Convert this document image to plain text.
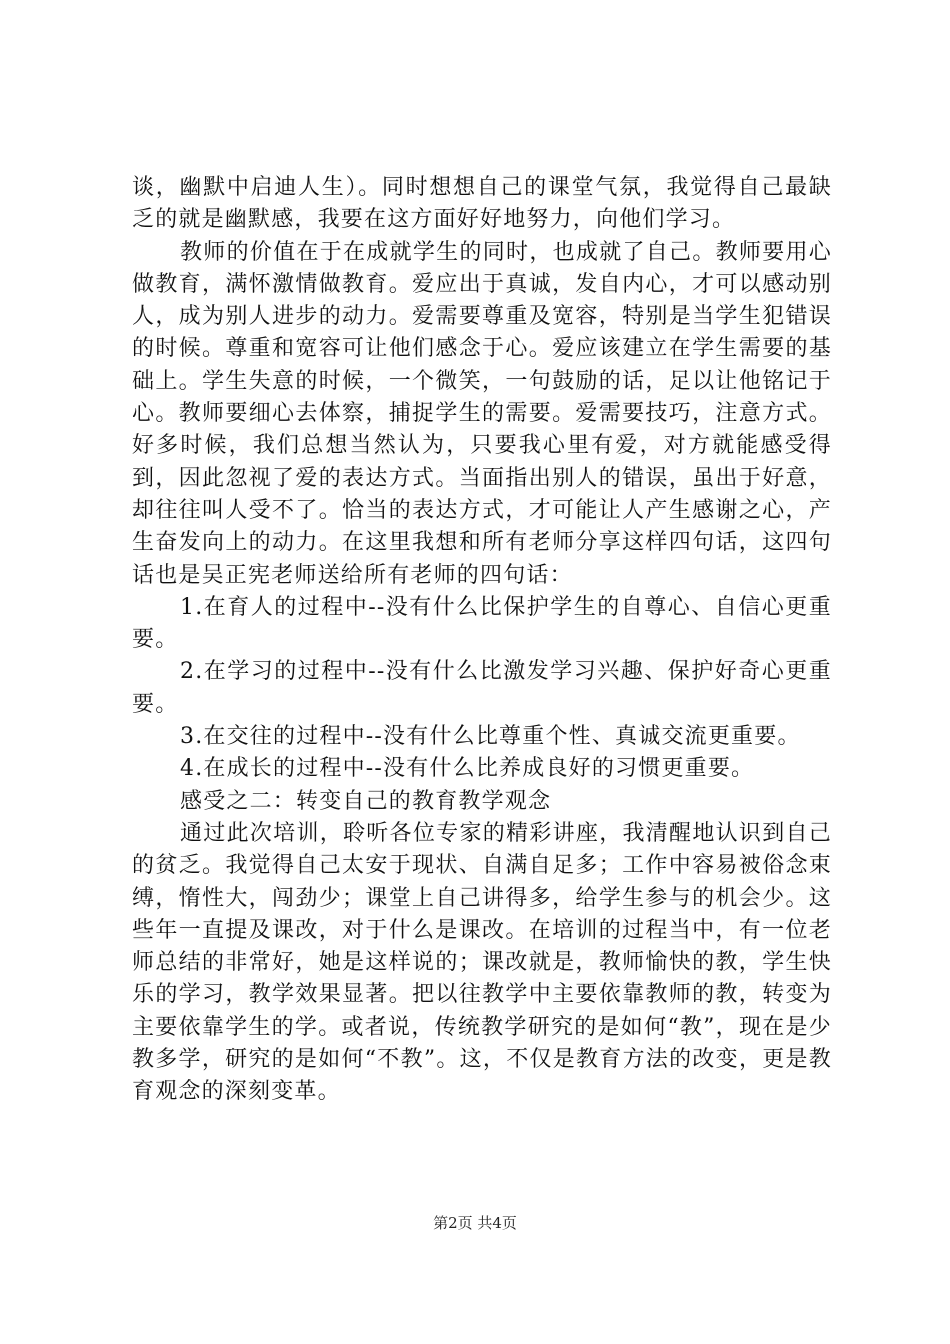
谈，幽默中启迪人生）。同时想想自己的课堂气氛，我觉得自己最缺乏的就是幽默感，我要在这方面好好地努力，向他们学习。

教师的价值在于在成就学生的同时，也成就了自己。教师要用心做教育，满怀激情做教育。爱应出于真诚，发自内心，才可以感动别人，成为别人进步的动力。爱需要尊重及宽容，特别是当学生犯错误的时候。尊重和宽容可让他们感念于心。爱应该建立在学生需要的基础上。学生失意的时候，一个微笑，一句鼓励的话，足以让他铭记于心。教师要细心去体察，捕捉学生的需要。爱需要技巧，注意方式。好多时候，我们总想当然认为，只要我心里有爱，对方就能感受得到，因此忽视了爱的表达方式。当面指出别人的错误，虽出于好意，却往往叫人受不了。恰当的表达方式，才可能让人产生感谢之心，产生奋发向上的动力。在这里我想和所有老师分享这样四句话，这四句话也是吴正宪老师送给所有老师的四句话：

1.在育人的过程中--没有什么比保护学生的自尊心、自信心更重要。

2.在学习的过程中--没有什么比激发学习兴趣、保护好奇心更重要。

3.在交往的过程中--没有什么比尊重个性、真诚交流更重要。

4.在成长的过程中--没有什么比养成良好的习惯更重要。

感受之二：转变自己的教育教学观念

通过此次培训，聆听各位专家的精彩讲座，我清醒地认识到自己的贫乏。我觉得自己太安于现状、自满自足多；工作中容易被俗念束缚，惰性大，闯劲少；课堂上自己讲得多，给学生参与的机会少。这些年一直提及课改，对于什么是课改。在培训的过程当中，有一位老师总结的非常好，她是这样说的；课改就是，教师愉快的教，学生快乐的学习，教学效果显著。把以往教学中主要依靠教师的教，转变为主要依靠学生的学。或者说，传统教学研究的是如何“教”，现在是少教多学，研究的是如何“不教”。这，不仅是教育方法的改变，更是教育观念的深刻变革。

第2页 共4页
